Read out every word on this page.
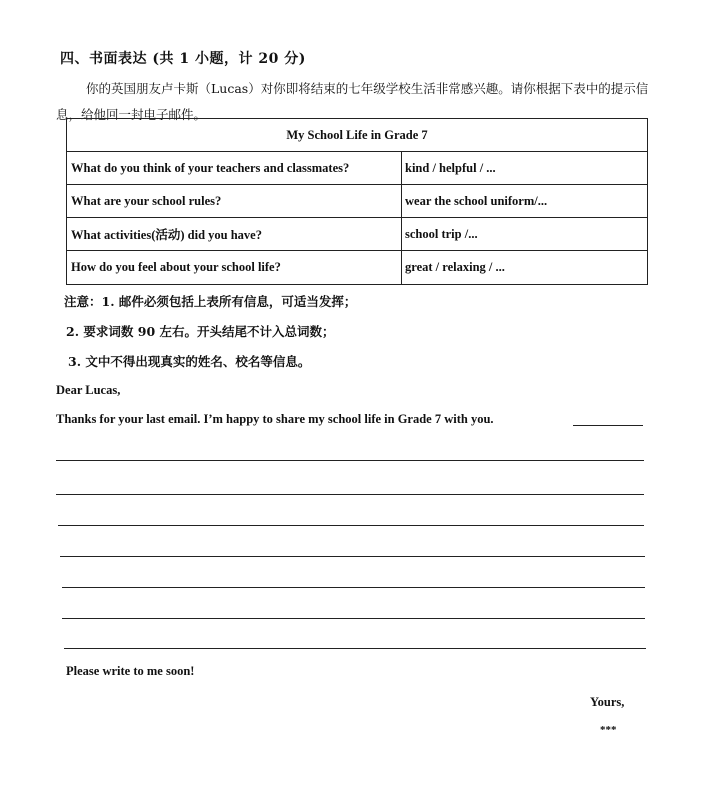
四、书面表达 (共 1 小题，计 20 分)
你的英国朋友卢卡斯（Lucas）对你即将结束的七年级学校生活非常感兴趣。请你根据下表中的提示信息，给他回一封电子邮件。
My School Life in Grade 7
What do you think of your teachers and classmates?	kind / helpful / ...
What are your school rules?	wear the school uniform/...
What activities(活动) did you have?	school trip /...
How do you feel about your school life?	great / relaxing / ...
注意：1. 邮件必须包括上表所有信息，可适当发挥；
2. 要求词数 90 左右。开头结尾不计入总词数；
3. 文中不得出现真实的姓名、校名等信息。
Dear Lucas,
Thanks for your last email. I’m happy to share my school life in Grade 7 with you.
Please write to me soon!
Yours,
***
